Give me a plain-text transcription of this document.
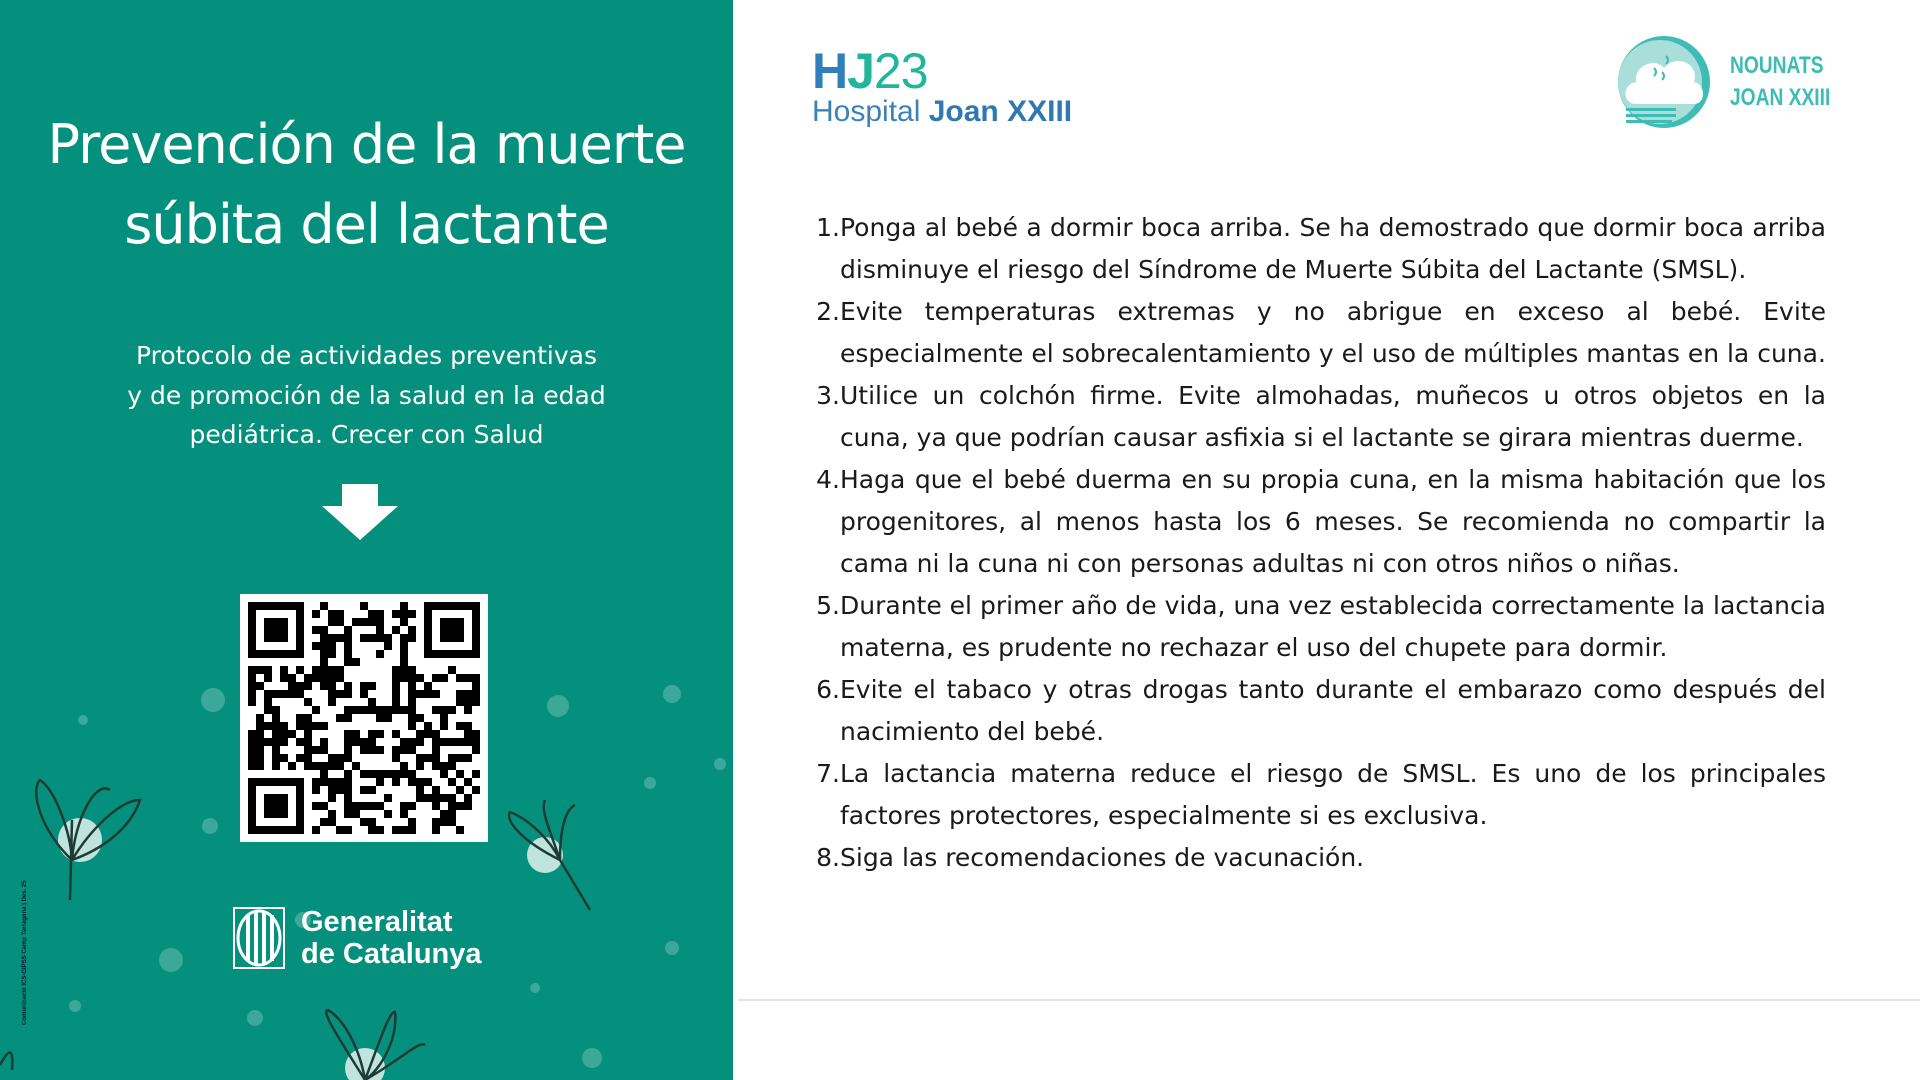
Prevención de la muerte
súbita del lactante
Protocolo de actividades preventivas
y de promoción de la salud en la edad
pediátrica. Crecer con Salud
Generalitat
de Catalunya
Comunicació ICS-GIPSS Camp Tarragona | Des. 25
HJ23
Hospital Joan XXIII
NOUNATS
JOAN XXIII
1. Ponga al bebé a dormir boca arriba. Se ha demostrado que dormir boca arriba disminuye el riesgo del Síndrome de Muerte Súbita del Lactante (SMSL).
2. Evite temperaturas extremas y no abrigue en exceso al bebé. Evite especialmente el sobrecalentamiento y el uso de múltiples mantas en la cuna.
3. Utilice un colchón firme. Evite almohadas, muñecos u otros objetos en la cuna, ya que podrían causar asfixia si el lactante se girara mientras duerme.
4. Haga que el bebé duerma en su propia cuna, en la misma habitación que los progenitores, al menos hasta los 6 meses. Se recomienda no compartir la cama ni la cuna ni con personas adultas ni con otros niños o niñas.
5. Durante el primer año de vida, una vez establecida correctamente la lactancia materna, es prudente no rechazar el uso del chupete para dormir.
6. Evite el tabaco y otras drogas tanto durante el embarazo como después del nacimiento del bebé.
7. La lactancia materna reduce el riesgo de SMSL. Es uno de los principales factores protectores, especialmente si es exclusiva.
8. Siga las recomendaciones de vacunación.
